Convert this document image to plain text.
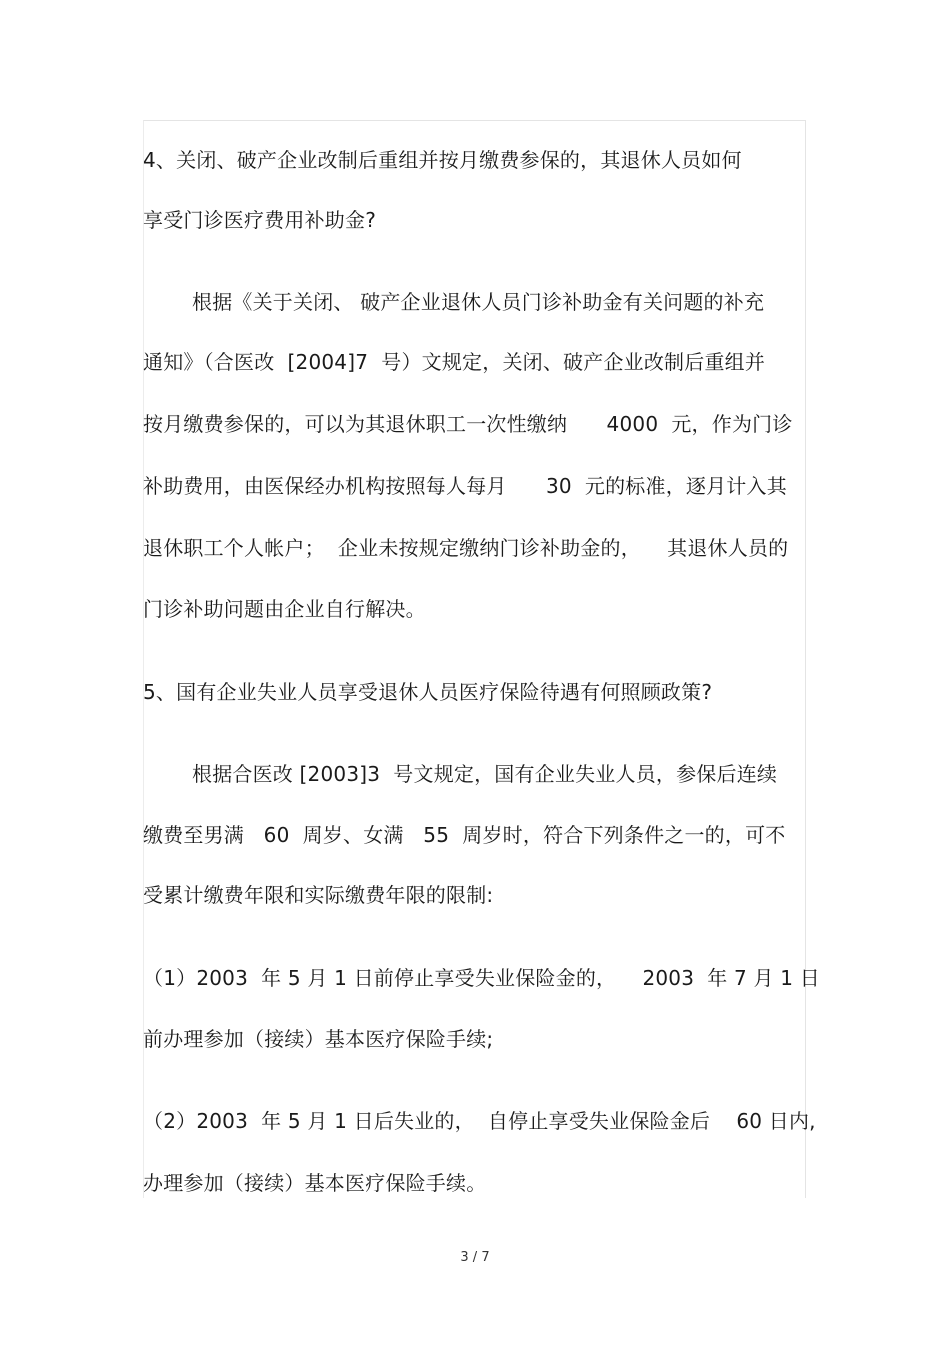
4、关闭、破产企业改制后重组并按月缴费参保的，其退休人员如何
享受门诊医疗费用补助金?
根据《关于关闭、 破产企业退休人员门诊补助金有关问题的补充
通知》（合医改  [2004]7  号）文规定，关闭、破产企业改制后重组并
按月缴费参保的，可以为其退休职工一次性缴纳      4000  元，作为门诊
补助费用，由医保经办机构按照每人每月      30  元的标准，逐月计入其
退休职工个人帐户；  企业未按规定缴纳门诊补助金的，    其退休人员的
门诊补助问题由企业自行解决。
5、国有企业失业人员享受退休人员医疗保险待遇有何照顾政策?
根据合医改 [2003]3  号文规定，国有企业失业人员，参保后连续
缴费至男满   60  周岁、女满   55  周岁时，符合下列条件之一的，可不
受累计缴费年限和实际缴费年限的限制:
（1）2003  年 5 月 1 日前停止享受失业保险金的，    2003  年 7 月 1 日
前办理参加（接续）基本医疗保险手续;
（2）2003  年 5 月 1 日后失业的，  自停止享受失业保险金后    60 日内,
办理参加（接续）基本医疗保险手续。
3 / 7
